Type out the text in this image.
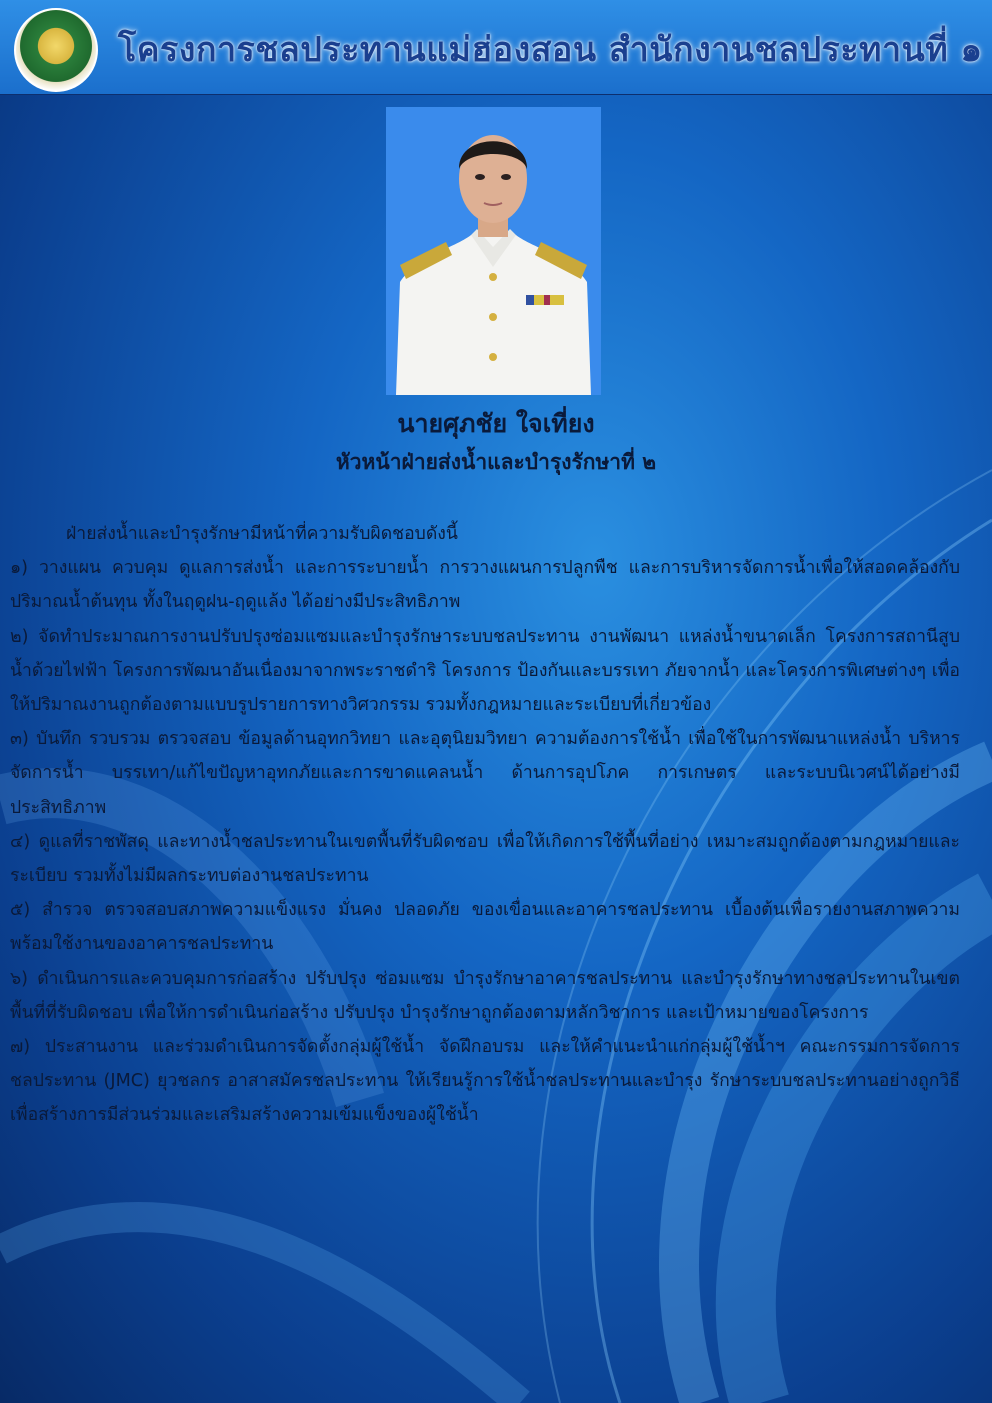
โครงการชลประทานแม่ฮ่องสอน สำนักงานชลประทานที่ ๑
นายศุภชัย ใจเที่ยง
หัวหน้าฝ่ายส่งน้ำและบำรุงรักษาที่ ๒

ฝ่ายส่งน้ำและบำรุงรักษามีหน้าที่ความรับผิดชอบดังนี้

๑) วางแผน ควบคุม ดูแลการส่งน้ำ และการระบายน้ำ การวางแผนการปลูกพืช และการบริหารจัดการน้ำเพื่อให้สอดคล้องกับปริมาณน้ำต้นทุน ทั้งในฤดูฝน-ฤดูแล้ง ได้อย่างมีประสิทธิภาพ

๒) จัดทำประมาณการงานปรับปรุงซ่อมแซมและบำรุงรักษาระบบชลประทาน งานพัฒนา แหล่งน้ำขนาดเล็ก โครงการสถานีสูบน้ำด้วยไฟฟ้า โครงการพัฒนาอันเนื่องมาจากพระราชดำริ โครงการ ป้องกันและบรรเทา ภัยจากน้ำ และโครงการพิเศษต่างๆ เพื่อให้ปริมาณงานถูกต้องตามแบบรูปรายการทางวิศวกรรม รวมทั้งกฎหมายและระเบียบที่เกี่ยวข้อง

๓) บันทึก รวบรวม ตรวจสอบ ข้อมูลด้านอุทกวิทยา และอุตุนิยมวิทยา ความต้องการใช้น้ำ เพื่อใช้ในการพัฒนาแหล่งน้ำ บริหารจัดการน้ำ บรรเทา/แก้ไขปัญหาอุทกภัยและการขาดแคลนน้ำ ด้านการอุปโภค การเกษตร และระบบนิเวศน์ได้อย่างมีประสิทธิภาพ

๔) ดูแลที่ราชพัสดุ และทางน้ำชลประทานในเขตพื้นที่รับผิดชอบ เพื่อให้เกิดการใช้พื้นที่อย่าง เหมาะสมถูกต้องตามกฎหมายและระเบียบ รวมทั้งไม่มีผลกระทบต่องานชลประทาน

๕) สำรวจ ตรวจสอบสภาพความแข็งแรง มั่นคง ปลอดภัย ของเขื่อนและอาคารชลประทาน เบื้องต้นเพื่อรายงานสภาพความพร้อมใช้งานของอาคารชลประทาน

๖) ดำเนินการและควบคุมการก่อสร้าง ปรับปรุง ซ่อมแซม บำรุงรักษาอาคารชลประทาน และบำรุงรักษาทางชลประทานในเขตพื้นที่ที่รับผิดชอบ เพื่อให้การดำเนินก่อสร้าง ปรับปรุง บำรุงรักษาถูกต้องตามหลักวิชาการ และเป้าหมายของโครงการ

๗) ประสานงาน และร่วมดำเนินการจัดตั้งกลุ่มผู้ใช้น้ำ จัดฝึกอบรม และให้คำแนะนำแก่กลุ่มผู้ใช้น้ำฯ คณะกรรมการจัดการชลประทาน (JMC) ยุวชลกร อาสาสมัครชลประทาน ให้เรียนรู้การใช้น้ำชลประทานและบำรุง รักษาระบบชลประทานอย่างถูกวิธี เพื่อสร้างการมีส่วนร่วมและเสริมสร้างความเข้มแข็งของผู้ใช้น้ำ
